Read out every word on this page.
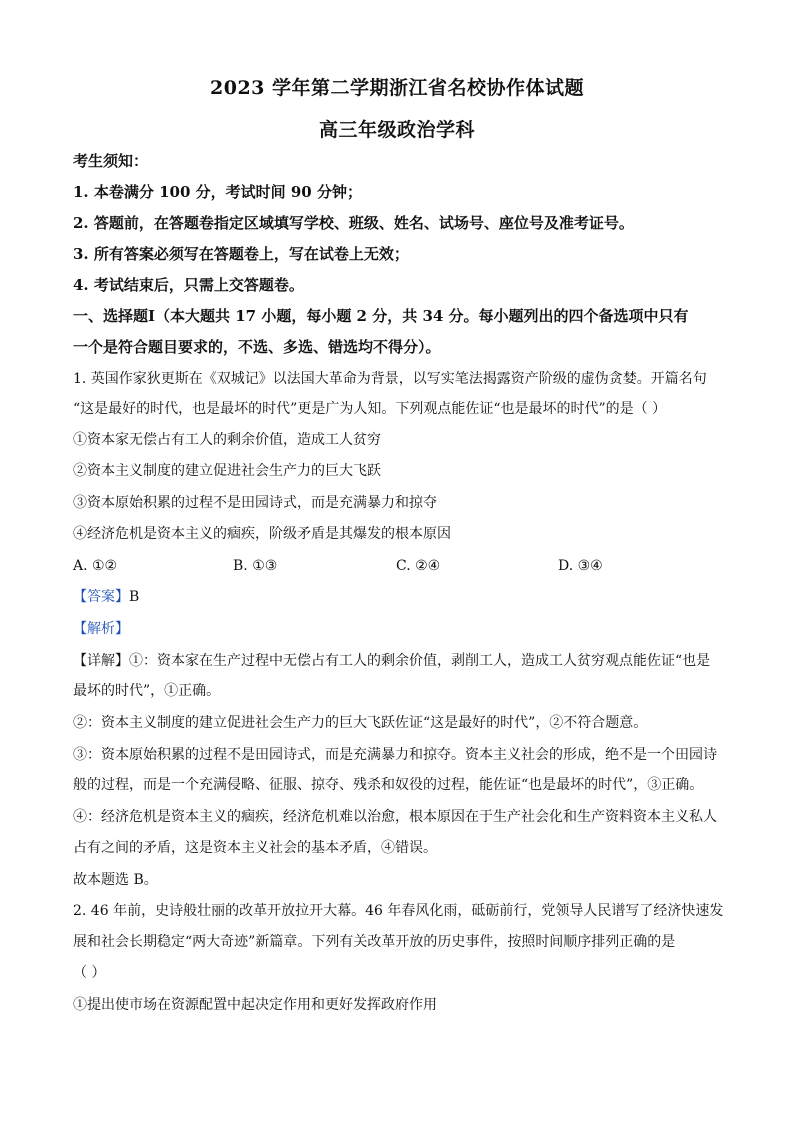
2023 学年第二学期浙江省名校协作体试题
高三年级政治学科
考生须知：
1. 本卷满分 100 分，考试时间 90 分钟；
2. 答题前，在答题卷指定区域填写学校、班级、姓名、试场号、座位号及准考证号。
3. 所有答案必须写在答题卷上，写在试卷上无效；
4. 考试结束后，只需上交答题卷。
一、选择题Ⅰ（本大题共 17 小题，每小题 2 分，共 34 分。每小题列出的四个备选项中只有
一个是符合题目要求的，不选、多选、错选均不得分）。
1. 英国作家狄更斯在《双城记》以法国大革命为背景，以写实笔法揭露资产阶级的虚伪贪婪。开篇名句
“这是最好的时代，也是最坏的时代”更是广为人知。下列观点能佐证“也是最坏的时代”的是（ ）
①资本家无偿占有工人的剩余价值，造成工人贫穷
②资本主义制度的建立促进社会生产力的巨大飞跃
③资本原始积累的过程不是田园诗式，而是充满暴力和掠夺
④经济危机是资本主义的痼疾，阶级矛盾是其爆发的根本原因
A. ①②	B. ①③	C. ②④	D. ③④
【答案】B
【解析】
【详解】①：资本家在生产过程中无偿占有工人的剩余价值，剥削工人，造成工人贫穷观点能佐证“也是
最坏的时代”，①正确。
②：资本主义制度的建立促进社会生产力的巨大飞跃佐证“这是最好的时代”，②不符合题意。
③：资本原始积累的过程不是田园诗式，而是充满暴力和掠夺。资本主义社会的形成，绝不是一个田园诗
般的过程，而是一个充满侵略、征服、掠夺、残杀和奴役的过程，能佐证“也是最坏的时代”，③正确。
④：经济危机是资本主义的痼疾，经济危机难以治愈，根本原因在于生产社会化和生产资料资本主义私人
占有之间的矛盾，这是资本主义社会的基本矛盾，④错误。
故本题选 B。
2. 46 年前，史诗般壮丽的改革开放拉开大幕。46 年春风化雨，砥砺前行，党领导人民谱写了经济快速发
展和社会长期稳定“两大奇迹”新篇章。下列有关改革开放的历史事件，按照时间顺序排列正确的是
（ ）
①提出使市场在资源配置中起决定作用和更好发挥政府作用
